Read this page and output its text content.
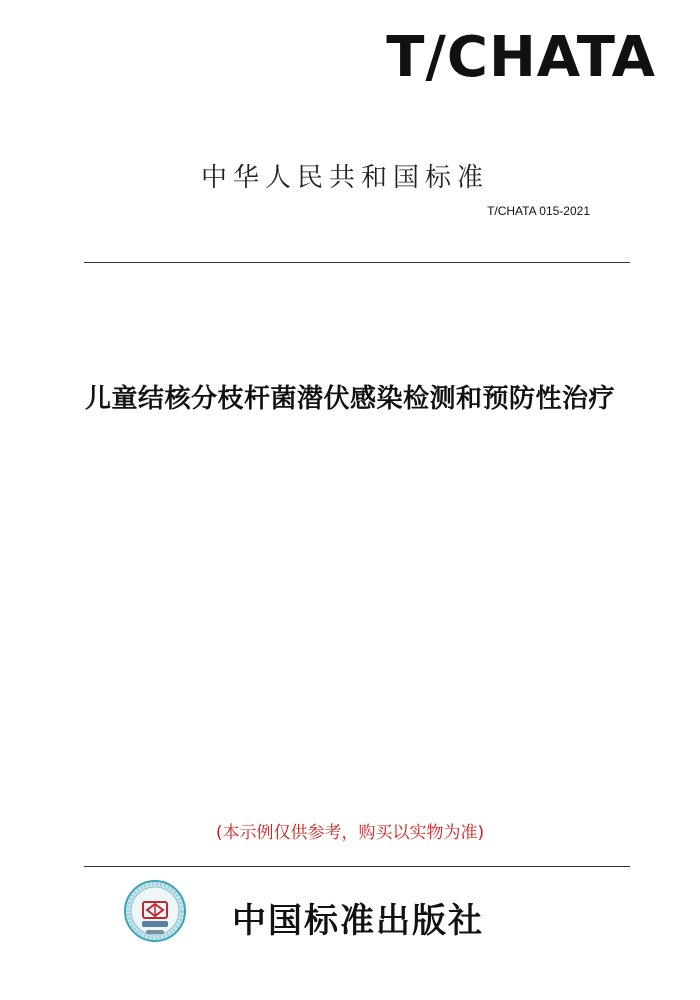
T/CHATA
中华人民共和国标准
T/CHATA 015-2021
儿童结核分枝杆菌潜伏感染检测和预防性治疗
(本示例仅供参考，购买以实物为准)
中国标准出版社
